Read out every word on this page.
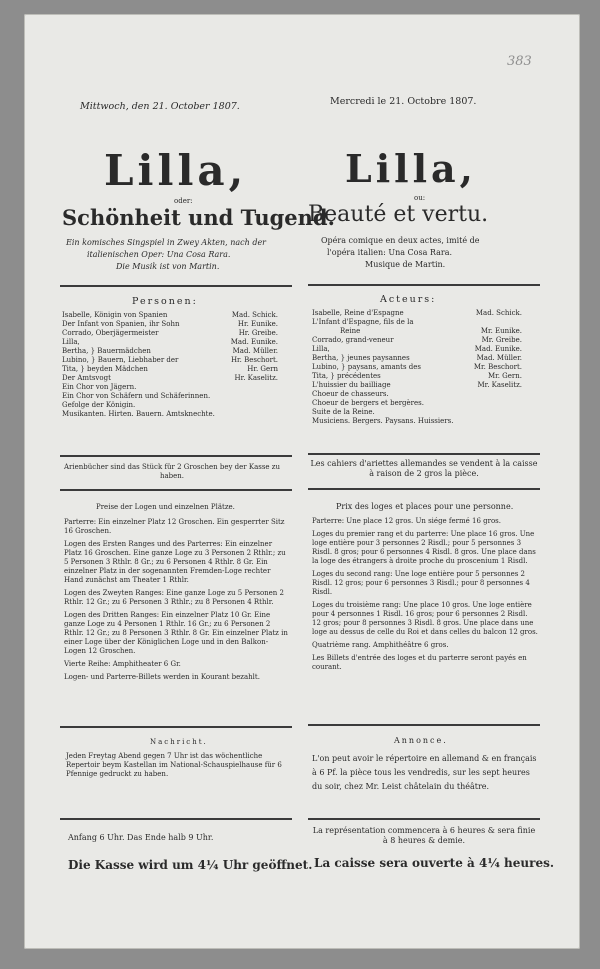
383
Mittwoch, den 21. October 1807.
Lilla,
oder:
Schönheit und Tugend.
Ein komisches Singspiel in Zwey Akten, nach der
italienischen Oper: Una Cosa Rara.
Die Musik ist von Martin.
Personen:
Isabelle, Königin von Spanien	Mad. Schick.
Der Infant von Spanien, ihr Sohn	Hr. Eunike.
Corrado, Oberjägermeister	Hr. Greibe.
Lilla,	Mad. Eunike.
Bertha, } Bauermädchen	Mad. Müller.
Lubino, } Bauern, Liebhaber der	Hr. Beschort.
Tita, } beyden Mädchen	Hr. Gern
Der Amtsvogt	Hr. Kaselitz.
Ein Chor von Jägern.
Ein Chor von Schäfern und Schäferinnen.
Gefolge der Königin.
Musikanten. Hirten. Bauern. Amtsknechte.
Arienbücher sind das Stück für 2 Groschen bey der Kasse zu haben.
Preise der Logen und einzelnen Plätze.
Parterre: Ein einzelner Platz 12 Groschen. Ein gesperrter Sitz 16 Groschen.
Logen des Ersten Ranges und des Parterres: Ein einzelner Platz 16 Groschen. Eine ganze Loge zu 3 Personen 2 Rthlr.; zu 5 Personen 3 Rthlr. 8 Gr.; zu 6 Personen 4 Rthlr. 8 Gr. Ein einzelner Platz in der sogenannten Fremden-Loge rechter Hand zunächst am Theater 1 Rthlr.
Logen des Zweyten Ranges: Eine ganze Loge zu 5 Personen 2 Rthlr. 12 Gr.; zu 6 Personen 3 Rthlr.; zu 8 Personen 4 Rthlr.
Logen des Dritten Ranges: Ein einzelner Platz 10 Gr. Eine ganze Loge zu 4 Personen 1 Rthlr. 16 Gr.; zu 6 Personen 2 Rthlr. 12 Gr.; zu 8 Personen 3 Rthlr. 8 Gr. Ein einzelner Platz in einer Loge über der Königlichen Loge und in den Balkon-Logen 12 Groschen.
Vierte Reihe: Amphitheater 6 Gr.
Logen- und Parterre-Billets werden in Kourant bezahlt.
Nachricht.
Jeden Freytag Abend gegen 7 Uhr ist das wöchentliche Repertoir beym Kastellan im National-Schauspielhause für 6 Pfennige gedruckt zu haben.
Anfang 6 Uhr. Das Ende halb 9 Uhr.
Die Kasse wird um 4¼ Uhr geöffnet.
Mercredi le 21. Octobre 1807.
Lilla,
ou:
Beauté et vertu.
Opéra comique en deux actes, imité de
l'opéra italien: Una Cosa Rara.
Musique de Martin.
Acteurs:
Isabelle, Reine d'Espagne	Mad. Schick.
L'Infant d'Espagne, fils de la
Reine	Mr. Eunike.
Corrado, grand-veneur	Mr. Greibe.
Lilla,	Mad. Eunike.
Bertha, } jeunes paysannes	Mad. Müller.
Lubino, } paysans, amants des	Mr. Beschort.
Tita, } précédentes	Mr. Gern.
L'huissier du bailliage	Mr. Kaselitz.
Choeur de chasseurs.
Choeur de bergers et bergères.
Suite de la Reine.
Musiciens. Bergers. Paysans. Huissiers.
Les cahiers d'ariettes allemandes se vendent à la caisse à raison de 2 gros la pièce.
Prix des loges et places pour une personne.
Parterre: Une place 12 gros. Un siége fermé 16 gros.
Loges du premier rang et du parterre: Une place 16 gros. Une loge entière pour 3 personnes 2 Risdl.; pour 5 personnes 3 Risdl. 8 gros; pour 6 personnes 4 Risdl. 8 gros. Une place dans la loge des étrangers à droite proche du proscenium 1 Risdl.
Loges du second rang: Une loge entière pour 5 personnes 2 Risdl. 12 gros; pour 6 personnes 3 Risdl.; pour 8 personnes 4 Risdl.
Loges du troisième rang: Une place 10 gros. Une loge entière pour 4 personnes 1 Risdl. 16 gros; pour 6 personnes 2 Risdl. 12 gros; pour 8 personnes 3 Risdl. 8 gros. Une place dans une loge au dessus de celle du Roi et dans celles du balcon 12 gros.
Quatrième rang. Amphithéâtre 6 gros.
Les Billets d'entrée des loges et du parterre seront payés en courant.
Annonce.
L'on peut avoir le répertoire en allemand & en français à 6 Pf. la pièce tous les vendredis, sur les sept heures du soir, chez Mr. Leist châtelain du théâtre.
La représentation commencera à 6 heures & sera finie à 8 heures & demie.
La caisse sera ouverte à 4¼ heures.
